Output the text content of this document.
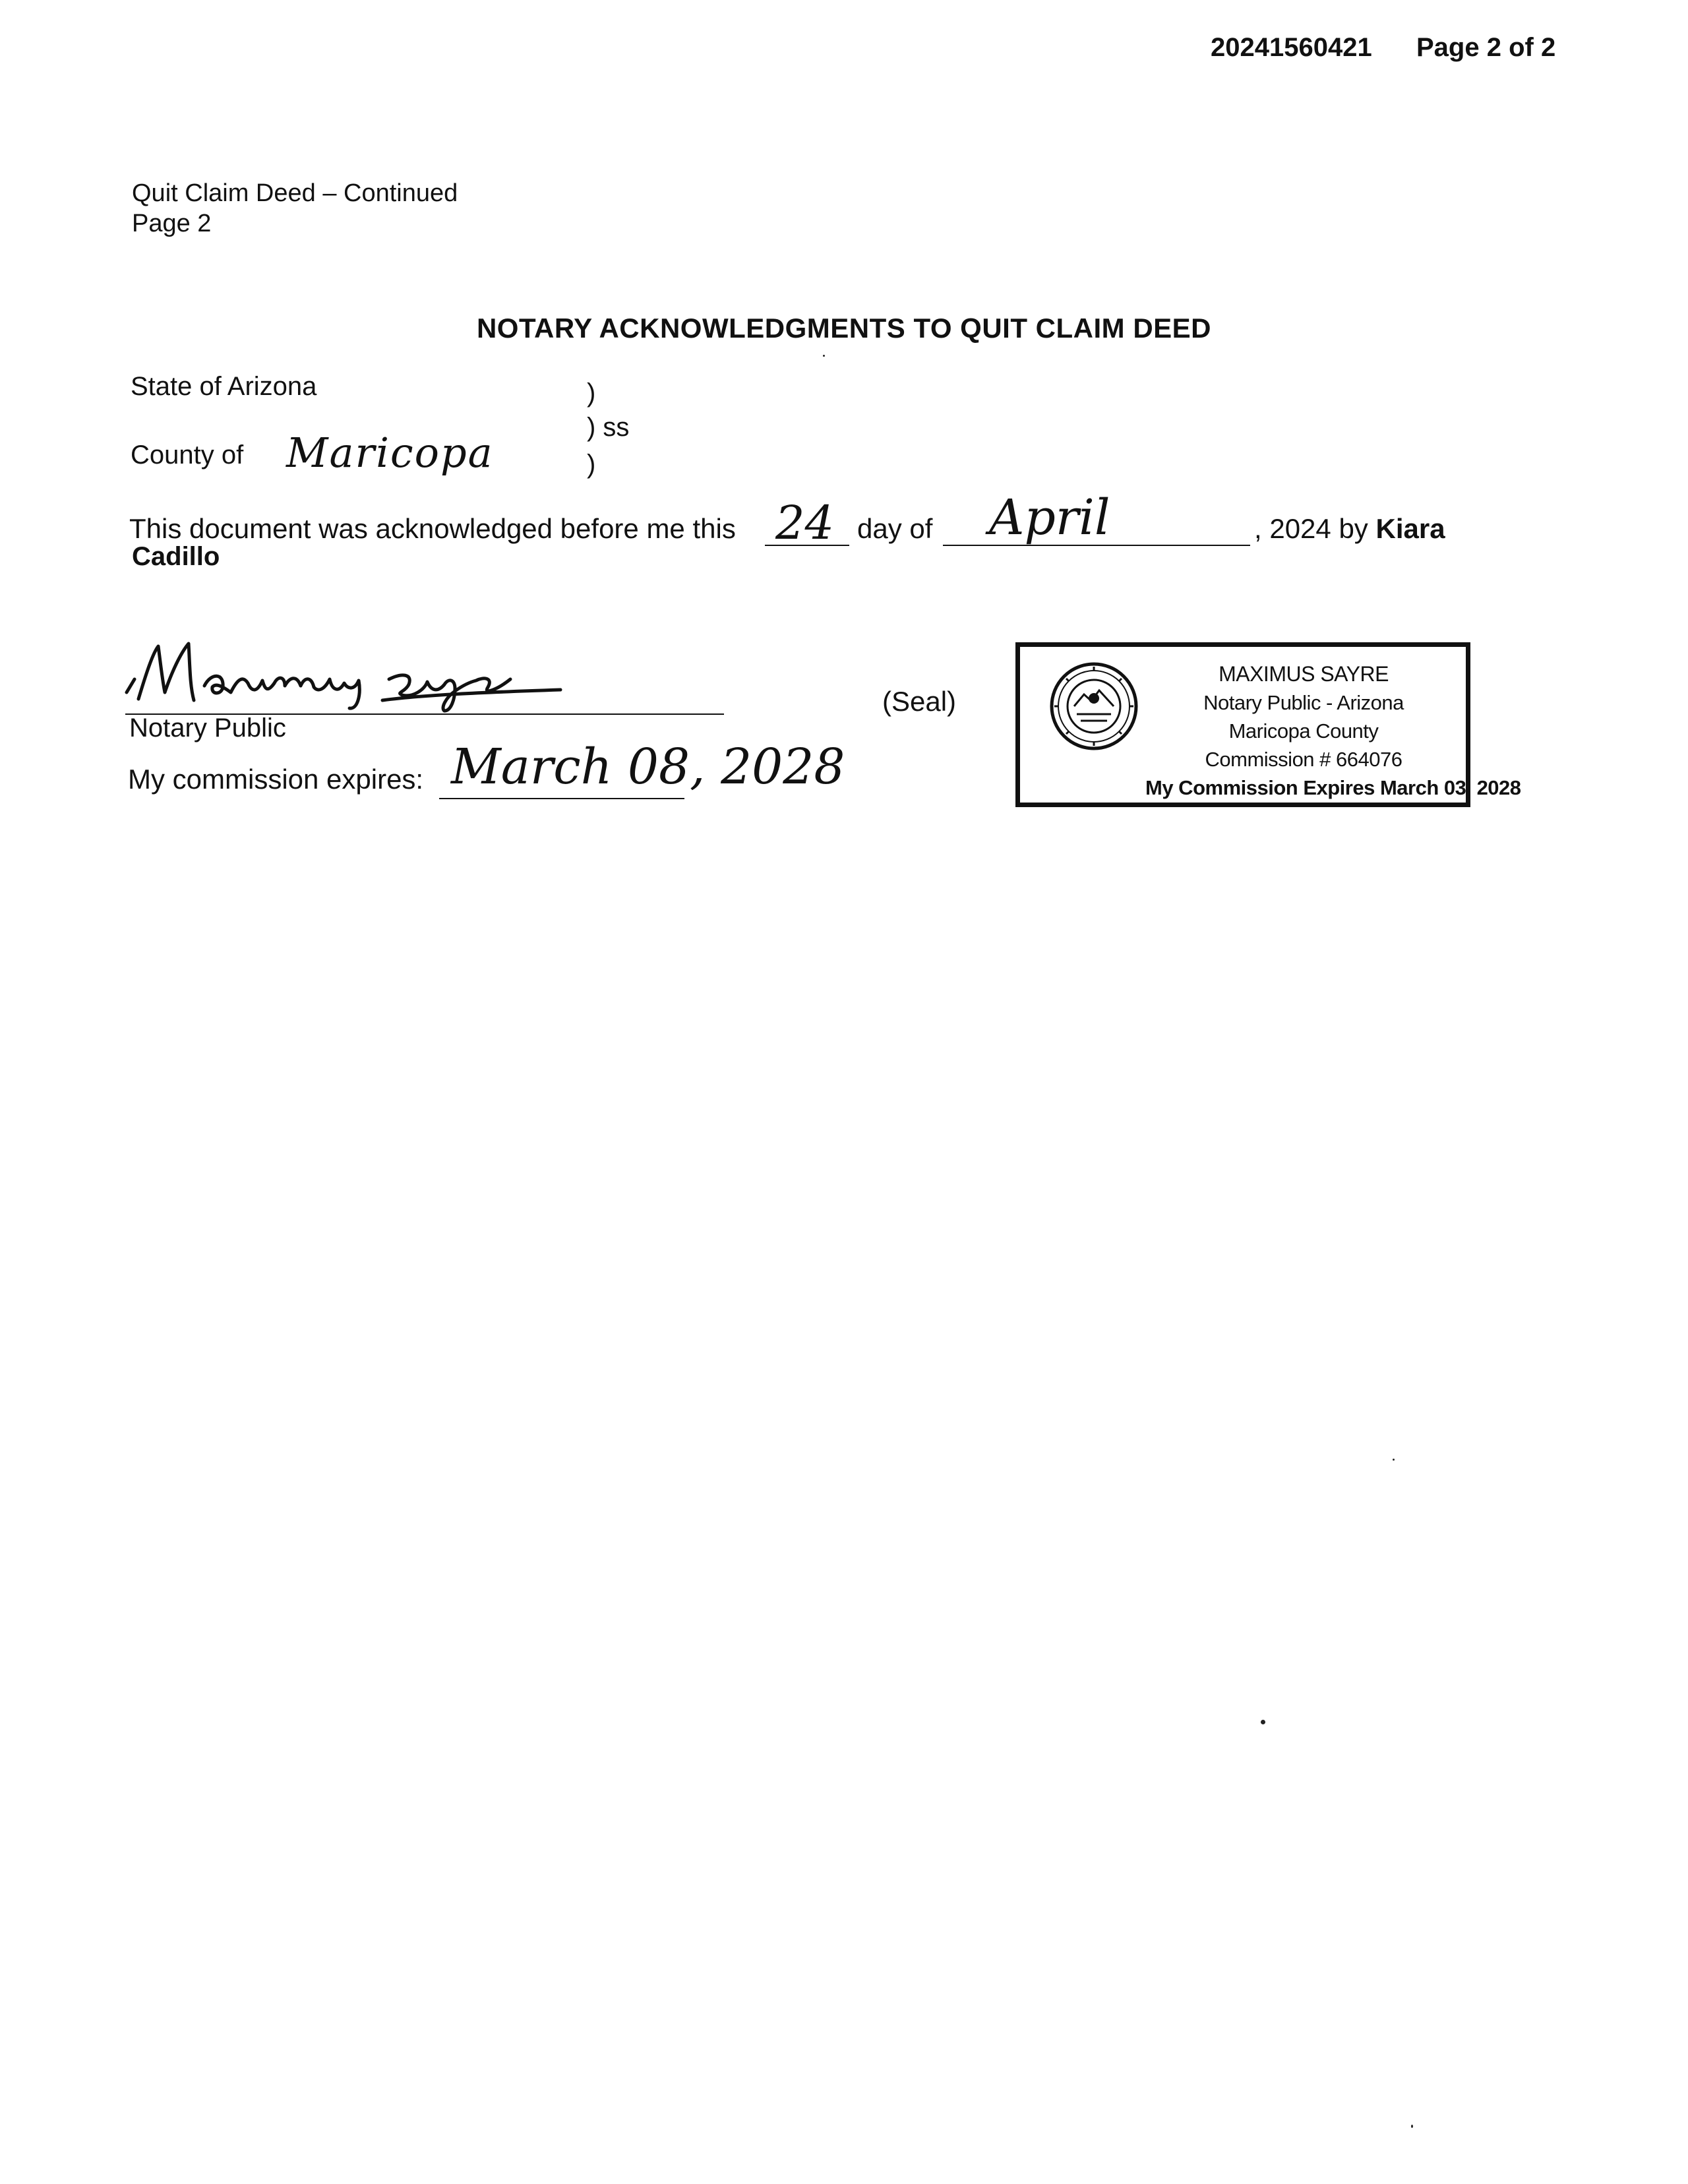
20241560421 Page 2 of 2
Quit Claim Deed – Continued
Page 2
NOTARY ACKNOWLEDGMENTS TO QUIT CLAIM DEED
State of Arizona
County of Maricopa
)
) ss
)
This document was acknowledged before me this 24 day of April	, 2024 by Kiara
Cadillo
Notary Public
My commission expires: March 08, 2028
(Seal)
MAXIMUS SAYRE
Notary Public - Arizona
Maricopa County
Commission # 664076
My Commission Expires March 03, 2028
